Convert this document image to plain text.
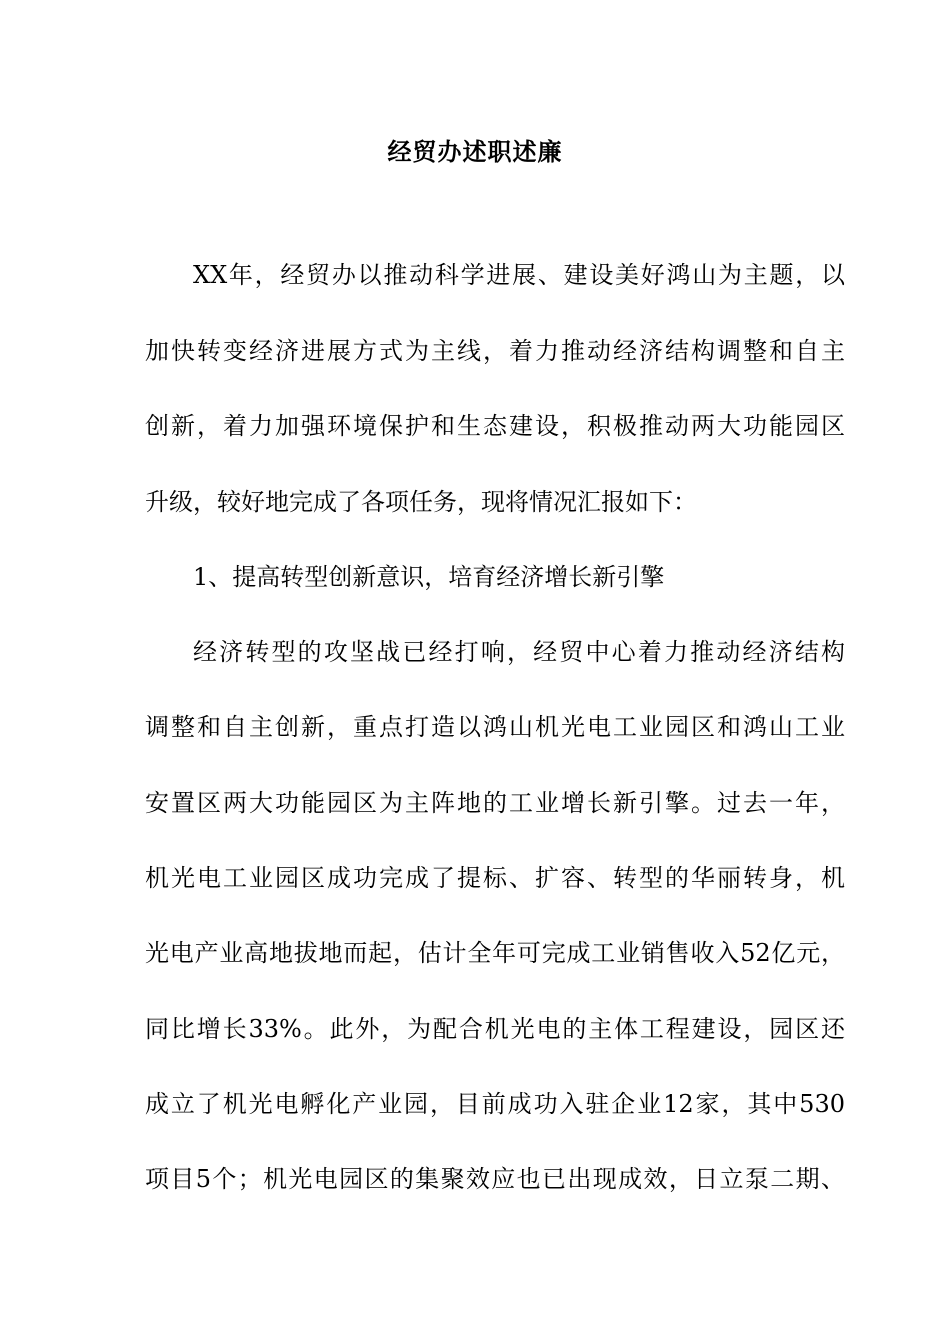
经贸办述职述廉
XX年，经贸办以推动科学进展、建设美好鸿山为主题，以
加快转变经济进展方式为主线，着力推动经济结构调整和自主
创新，着力加强环境保护和生态建设，积极推动两大功能园区
升级，较好地完成了各项任务，现将情况汇报如下：
1、提高转型创新意识，培育经济增长新引擎
经济转型的攻坚战已经打响，经贸中心着力推动经济结构
调整和自主创新，重点打造以鸿山机光电工业园区和鸿山工业
安置区两大功能园区为主阵地的工业增长新引擎。过去一年，
机光电工业园区成功完成了提标、扩容、转型的华丽转身，机
光电产业高地拔地而起，估计全年可完成工业销售收入52亿元，
同比增长33%。此外，为配合机光电的主体工程建设，园区还
成立了机光电孵化产业园，目前成功入驻企业12家，其中530
项目5个；机光电园区的集聚效应也已出现成效，日立泵二期、
